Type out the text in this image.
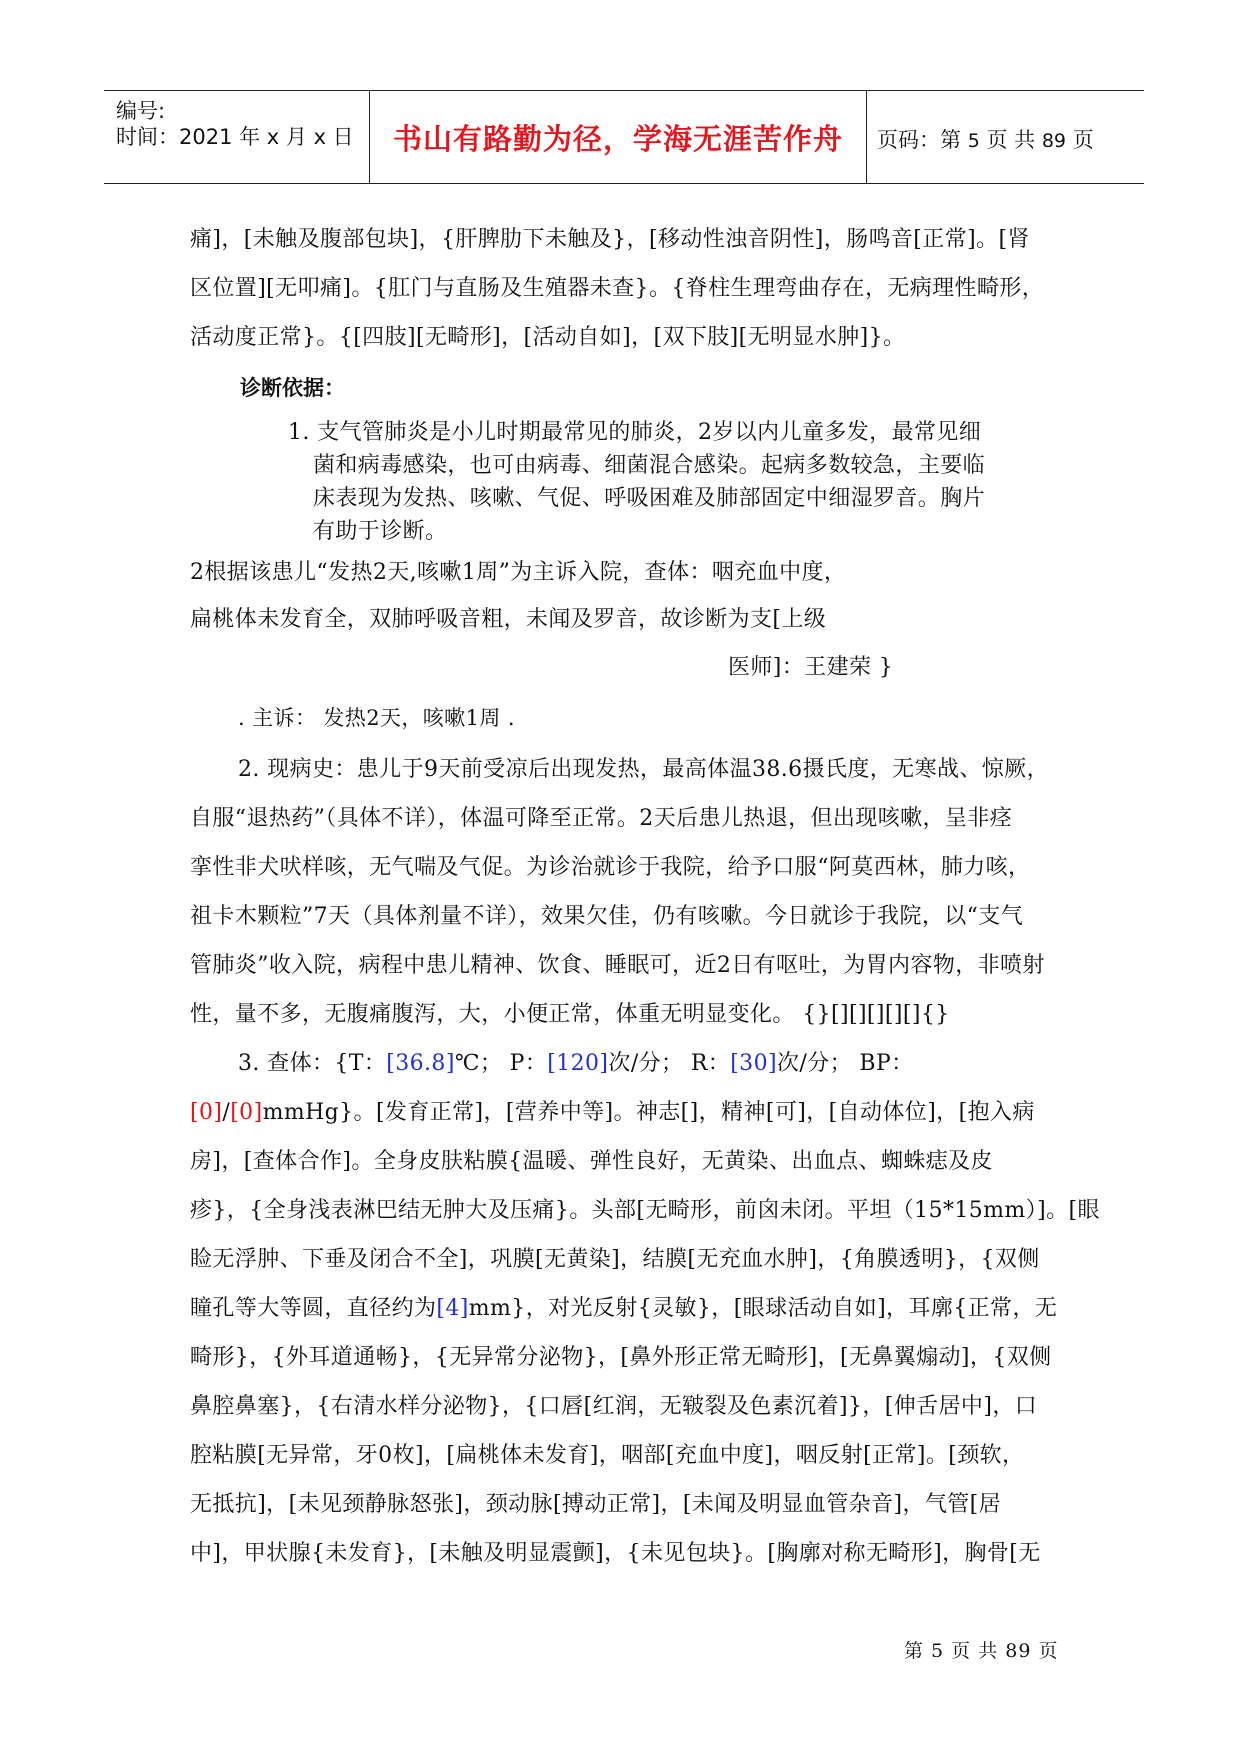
编号:
时间：2021 年 x 月 x 日	书山有路勤为径，学海无涯苦作舟	页码：第 5 页 共 89 页
痛]，[未触及腹部包块]，{肝脾肋下未触及}，[移动性浊音阴性]，肠鸣音[正常]。[肾
区位置][无叩痛]。{肛门与直肠及生殖器未查}。{脊柱生理弯曲存在，无病理性畸形，
活动度正常}。{[四肢][无畸形]，[活动自如]，[双下肢][无明显水肿]}。
诊断依据：
1. 支气管肺炎是小儿时期最常见的肺炎，2岁以内儿童多发，最常见细
菌和病毒感染，也可由病毒、细菌混合感染。起病多数较急，主要临
床表现为发热、咳嗽、气促、呼吸困难及肺部固定中细湿罗音。胸片
有助于诊断。
2根据该患儿“发热2天,咳嗽1周”为主诉入院，查体：咽充血中度，
扁桃体未发育全，双肺呼吸音粗，未闻及罗音，故诊断为支[上级
医师]：王建荣 }
. 主诉： 发热2天，咳嗽1周 .
2. 现病史：患儿于9天前受凉后出现发热，最高体温38.6摄氏度，无寒战、惊厥，
自服“退热药”（具体不详），体温可降至正常。2天后患儿热退，但出现咳嗽，呈非痉
挛性非犬吠样咳，无气喘及气促。为诊治就诊于我院，给予口服“阿莫西林，肺力咳，
祖卡木颗粒”7天（具体剂量不详），效果欠佳，仍有咳嗽。今日就诊于我院，以“支气
管肺炎”收入院，病程中患儿精神、饮食、睡眠可，近2日有呕吐，为胃内容物，非喷射
性，量不多，无腹痛腹泻，大，小便正常，体重无明显变化。 {}[][][][][]{}
3. 查体：{T：[36.8]℃； P：[120]次/分； R：[30]次/分； BP：
[0]/[0]mmHg}。[发育正常]，[营养中等]。神志[]，精神[可]，[自动体位]，[抱入病
房]，[查体合作]。全身皮肤粘膜{温暖、弹性良好，无黄染、出血点、蜘蛛痣及皮
疹}，{全身浅表淋巴结无肿大及压痛}。头部[无畸形，前囟未闭。平坦（15*15mm）]。[眼
睑无浮肿、下垂及闭合不全]，巩膜[无黄染]，结膜[无充血水肿]，{角膜透明}，{双侧
瞳孔等大等圆，直径约为[4]mm}，对光反射{灵敏}，[眼球活动自如]，耳廓{正常，无
畸形}，{外耳道通畅}，{无异常分泌物}，[鼻外形正常无畸形]，[无鼻翼煽动]，{双侧
鼻腔鼻塞}，{右清水样分泌物}，{口唇[红润，无皲裂及色素沉着]}，[伸舌居中]，口
腔粘膜[无异常，牙0枚]，[扁桃体未发育]，咽部[充血中度]，咽反射[正常]。[颈软，
无抵抗]，[未见颈静脉怒张]，颈动脉[搏动正常]，[未闻及明显血管杂音]，气管[居
中]，甲状腺{未发育}，[未触及明显震颤]，{未见包块}。[胸廓对称无畸形]，胸骨[无
第 5 页 共 89 页
